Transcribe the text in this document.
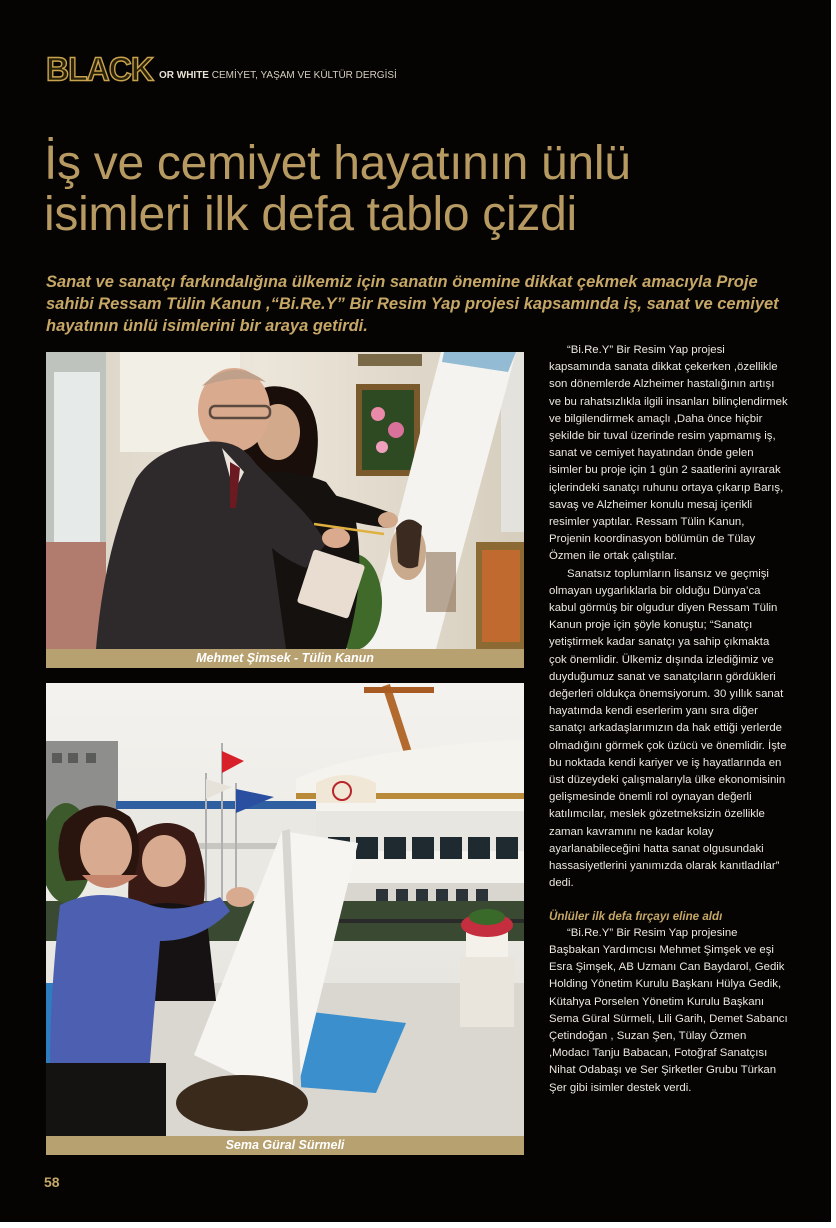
BLACK OR WHITE CEMİYET, YAŞAM VE KÜLTÜR DERGİSİ
İş ve cemiyet hayatının ünlü
isimleri ilk defa tablo çizdi
Sanat ve sanatçı farkındalığına ülkemiz için sanatın önemine dikkat çekmek amacıyla Proje sahibi Ressam Tülin Kanun ,“Bi.Re.Y” Bir Resim Yap projesi kapsamında iş, sanat ve cemiyet hayatının ünlü isimlerini bir araya getirdi.
Mehmet Şimsek - Tülin Kanun
Sema Güral Sürmeli

“Bi.Re.Y” Bir Resim Yap projesi kapsamında sanata dikkat çekerken ,özellikle son dönemlerde Alzheimer hastalığının artışı ve bu rahatsızlıkla ilgili insanları bilinçlendirmek ve bilgilendirmek amaçlı ,Daha önce hiçbir şekilde bir tuval üzerinde resim yapmamış iş, sanat ve cemiyet hayatından önde gelen isimler bu proje için 1 gün 2 saatlerini ayırarak içlerindeki sanatçı ruhunu ortaya çıkarıp Barış, savaş ve Alzheimer konulu mesaj içerikli resimler yaptılar. Ressam Tülin Kanun, Projenin koordinasyon bölümün de Tülay Özmen ile ortak çalıştılar.

Sanatsız toplumların lisansız ve geçmişi olmayan uygarlıklarla bir olduğu Dünya’ca kabul görmüş bir olgudur diyen Ressam Tülin Kanun proje için şöyle konuştu; “Sanatçı yetiştirmek kadar sanatçı ya sahip çıkmakta çok önemlidir. Ülkemiz dışında izlediğimiz ve duyduğumuz sanat ve sanatçıların gördükleri değerleri oldukça önemsiyorum. 30 yıllık sanat hayatımda kendi eserlerim yanı sıra diğer sanatçı arkadaşlarımızın da hak ettiği yerlerde olmadığını görmek çok üzücü ve önemlidir. İşte bu noktada kendi kariyer ve iş hayatlarında en üst düzeydeki çalışmalarıyla ülke ekonomisinin gelişmesinde önemli rol oynayan değerli katılımcılar, meslek gözetmeksizin özellikle zaman kavramını ne kadar kolay ayarlanabileceğini hatta sanat olgusundaki hassasiyetlerini yanımızda olarak kanıtladılar” dedi.

Ünlüler ilk defa fırçayı eline aldı

“Bi.Re.Y” Bir Resim Yap projesine Başbakan Yardımcısı Mehmet Şimşek ve eşi Esra Şimşek, AB Uzmanı Can Baydarol, Gedik Holding Yönetim Kurulu Başkanı Hülya Gedik, Kütahya Porselen Yönetim Kurulu Başkanı Sema Güral Sürmeli, Lili Garih, Demet Sabancı Çetindoğan , Suzan Şen, Tülay Özmen ,Modacı Tanju Babacan, Fotoğraf Sanatçısı Nihat Odabaşı ve Ser Şirketler Grubu Türkan Şer gibi isimler destek verdi.

58
